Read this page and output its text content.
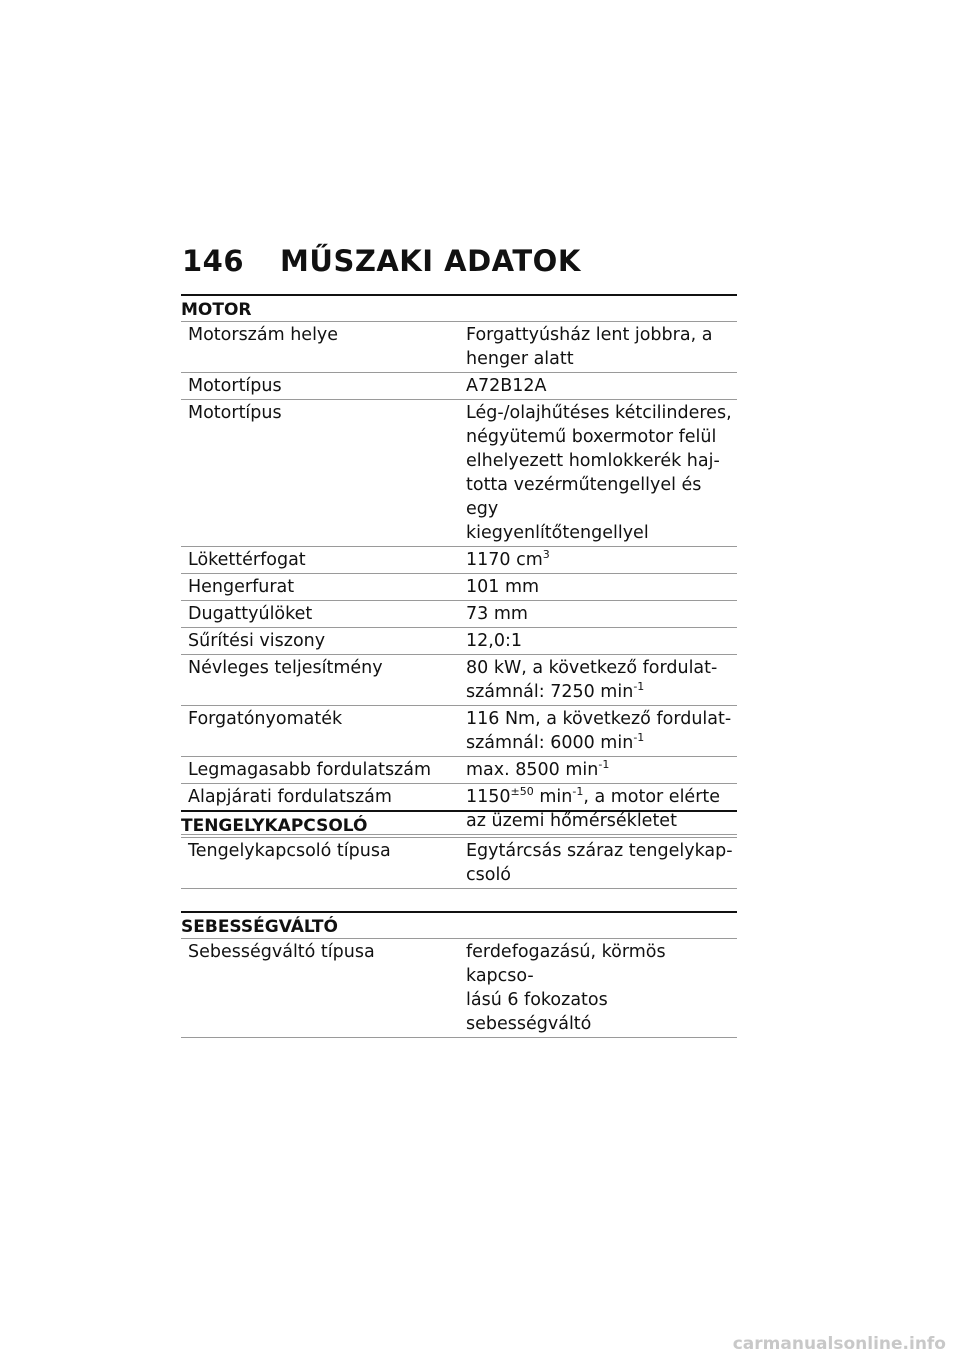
146 MŰSZAKI ADATOK
MOTOR
Motorszám helye	Forgattyúsház lent jobbra, a
henger alatt
Motortípus	A72B12A
Motortípus	Lég-/olajhűtéses kétcilinderes,
négyütemű boxermotor felül
elhelyezett homlokkerék haj-
totta vezérműtengellyel és egy
kiegyenlítőtengellyel
Lökettérfogat	1170 $cm^3$
Hengerfurat	101 mm
Dugattyúlöket	73 mm
Sűrítési viszony	12,0:1
Névleges teljesítmény	80 kW, a következő fordulat-
számnál: 7250 $\min^{-1}$
Forgatónyomaték	116 Nm, a következő fordulat-
számnál: 6000 $\min^{-1}$
Legmagasabb fordulatszám	max. 8500 $\min^{-1}$
Alapjárati fordulatszám	$1150^{\pm 50}$ $\min^{-1}$, a motor elérte
az üzemi hőmérsékletet
TENGELYKAPCSOLÓ
Tengelykapcsoló típusa	Egytárcsás száraz tengelykap-
csoló
SEBESSÉGVÁLTÓ
Sebességváltó típusa	ferdefogazású, körmös kapcso-
lású 6 fokozatos sebességváltó
carmanualsonline.info
